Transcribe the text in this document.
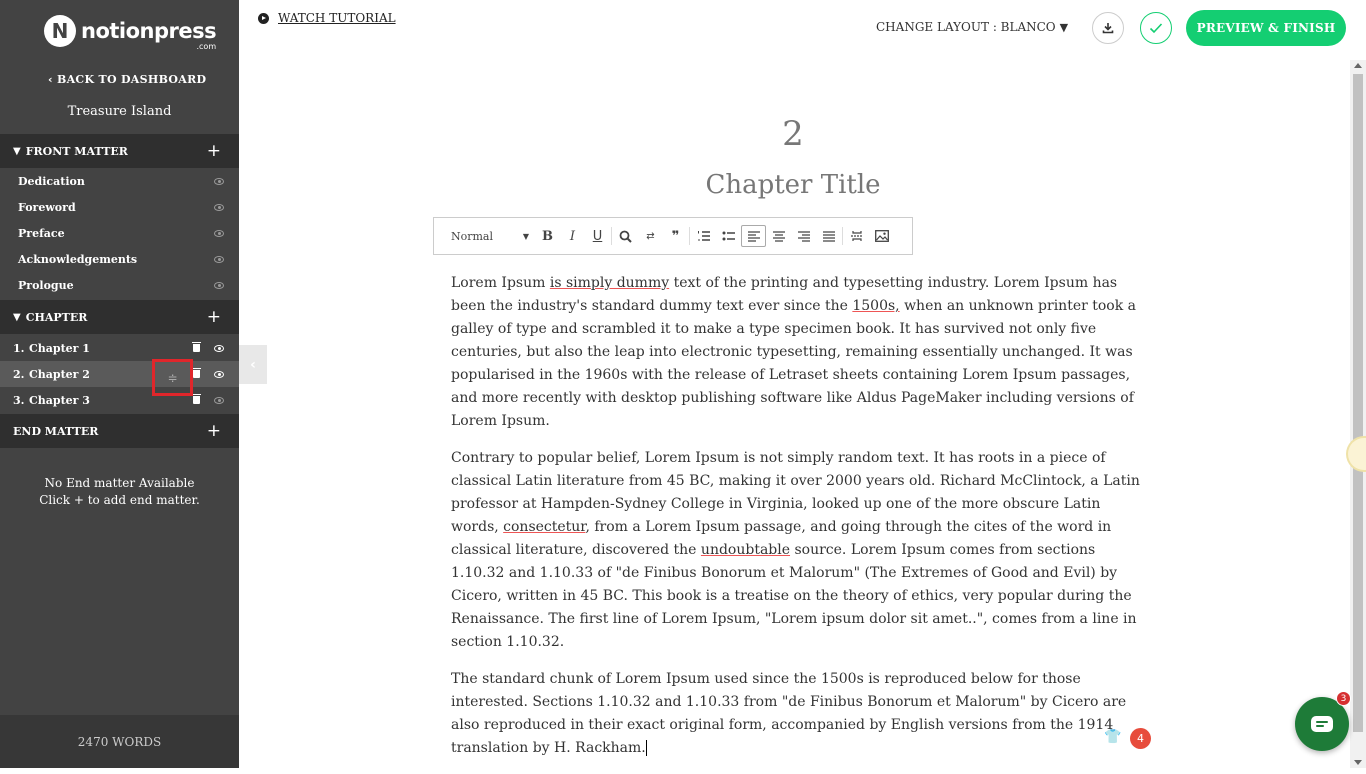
N notionpress
.com
‹ BACK TO DASHBOARD
Treasure Island
▼ FRONT MATTER	+
Dedication
Foreword
Preface
Acknowledgements
Prologue
▼ CHAPTER	+
1. Chapter 1
2. Chapter 2
3. Chapter 3
≑
END MATTER	+
No End matter Available
Click + to add end matter.
2470 WORDS
‹
WATCH TUTORIAL
CHANGE LAYOUT : BLANCO ▼	PREVIEW & FINISH
2
Chapter Title
Normal	▼	B	I	U	⇄	❞

Lorem Ipsum is simply dummy text of the printing and typesetting industry. Lorem Ipsum has been the industry's standard dummy text ever since the 1500s, when an unknown printer took a galley of type and scrambled it to make a type specimen book. It has survived not only five centuries, but also the leap into electronic typesetting, remaining essentially unchanged. It was popularised in the 1960s with the release of Letraset sheets containing Lorem Ipsum passages, and more recently with desktop publishing software like Aldus PageMaker including versions of Lorem Ipsum.

Contrary to popular belief, Lorem Ipsum is not simply random text. It has roots in a piece of classical Latin literature from 45 BC, making it over 2000 years old. Richard McClintock, a Latin professor at Hampden-Sydney College in Virginia, looked up one of the more obscure Latin words, consectetur, from a Lorem Ipsum passage, and going through the cites of the word in classical literature, discovered the undoubtable source. Lorem Ipsum comes from sections 1.10.32 and 1.10.33 of "de Finibus Bonorum et Malorum" (The Extremes of Good and Evil) by Cicero, written in 45 BC. This book is a treatise on the theory of ethics, very popular during the Renaissance. The first line of Lorem Ipsum, "Lorem ipsum dolor sit amet..", comes from a line in section 1.10.32.

The standard chunk of Lorem Ipsum used since the 1500s is reproduced below for those interested. Sections 1.10.32 and 1.10.33 from "de Finibus Bonorum et Malorum" by Cicero are also reproduced in their exact original form, accompanied by English versions from the 1914 translation by H. Rackham.

👕	4
3
